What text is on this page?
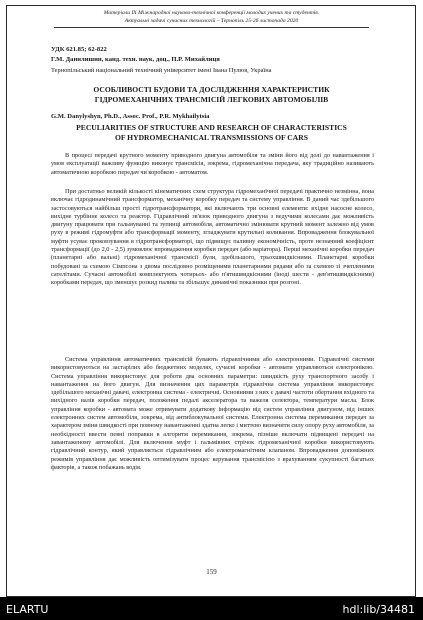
Матеріали IX Міжнародної науково-технічної конференції молодих учених та студентів.
Актуальні задачі сучасних технологій – Тернопіль 25-26 листопада 2020
УДК 621.85; 62-822
Г.М. Данилишин, канд. техн. наук, доц., П.Р. Михайлиця
Тернопільський національний технічний університет імені Івана Пулюя, Україна
ОСОБЛИВОСТІ БУДОВИ ТА ДОСЛІДЖЕННЯ ХАРАКТЕРИСТИК
ГІДРОМЕХАНІЧНИХ ТРАНСМІСІЙ ЛЕГКОВИХ АВТОМОБІЛІВ
G.M. Danylyshyn, Ph.D., Assoc. Prof., P.R. Mykhailytsia
PECULIARITIES OF STRUCTURE AND RESEARCH OF CHARACTERISTICS
OF HYDROMECHANICAL TRANSMISSIONS OF CARS
В процесі передачі крутного моменту приводного двигуна автомобіля та зміни його від долі до навантаження і умов експлуатації важливу функцію виконує трансмісія, зокрема, гідромеханічна передача, яку традиційно називають автоматичною коробкою передач чи коробкою - автоматом.
При достатньо великій кількості кінематичних схем структура гідромеханічної передачі практично незмінна, вона включає гідродинамічний трансформатор, механічну коробку передач та систему управління. В даний час здебільшого застосовуються найбільш прості гідротрансформатори, які включають три основні елементи: вхідне насосне колесо, вихідне турбінне колесо та реактор. Гідравлічний зв'язок приводного двигуна з ведучими колесами дає можливість двигуну працювати при гальмуванні та зупинці автомобіля, автоматично змінювати крутний момент залежно від умов руху в режимі гідромуфти або трансформації моменту, згладжувати крутильні коливання. Впровадження блокувальної муфти усуває проковзування в гідротрансформаторі, що підвищує паливну економічність, проте незначний коефіцієнт трансформації (до 2,0 - 2,5) зумовлює впровадження коробки передач (або варіатора). Перші механічні коробки передач (планетарні або вальні) гідромеханічної трансмісії були, здебільшого, трьохшвидкісними. Планетарні коробки побудовані за схемою Сімпсона з двома послідовно розміщеними планетарними рядами або за схемою зі зчепленими сателітами. Сучасні автомобілі комплектують чотирьох- або п'ятишвидкісними (іноді шести - дев'ятишвидкісними) коробками передач, що зменшує розкид палива та збільшує динамічні показники при розгоні.
Система управління автоматичних трансмісій бувають гідравлічними або електронними. Гідравлічні системи використовуються на застарілих або бюджетних моделях, сучасні коробки - автомати управляються електронікою. Система управління використовує для роботи два основних параметри: швидкість руху транспортного засобу і навантаження на його двигун. Для визначення цих параметрів гідравлічна система управління використовує здебільшого механічні давачі, електронна система - електричні. Основними з них є давачі частоти обертання вхідного та вихідного валів коробки передач, положення педалі акселератора та важеля селектора, температури масла. Блок управління коробки - автомата може отримувати додаткову інформацію від систем управління двигуном, від інших електронних систем автомобіля, зокрема, від антиблокувальної системи. Електронна система перемикання передач за характером зміни швидкості при повному навантаженні здатна легко і миттєво визначити силу опору руху автомобіля, за необхідності ввести певні поправки в алгоритм перемикання, зокрема, пізніше включати підвищені передачі на завантаженому автомобілі. Для включення муфт і гальмівних стрічок гідромеханічної коробки використовують гідравлічний контур, який управляється гідравлічним або електромагнітним клапаном. Впровадження допоміжних режимів управління дає можливість оптимізувати процес керування трансмісією з врахуванням сукупності багатьох факторів, а також побажань водія.
159
ELARTU	hdl:lib/34481
